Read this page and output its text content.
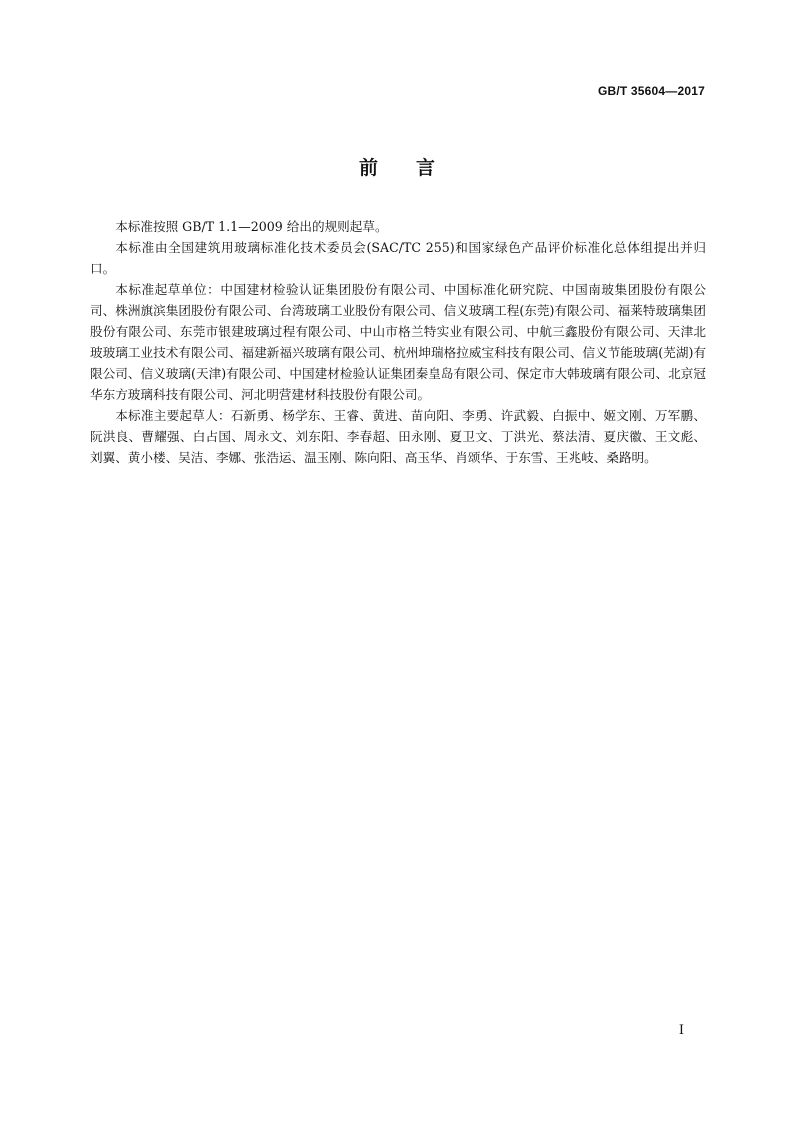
GB/T 35604—2017
前 言

本标准按照 GB/T 1.1—2009 给出的规则起草。

本标准由全国建筑用玻璃标准化技术委员会(SAC/TC 255)和国家绿色产品评价标准化总体组提出并归口。

本标准起草单位：中国建材检验认证集团股份有限公司、中国标准化研究院、中国南玻集团股份有限公司、株洲旗滨集团股份有限公司、台湾玻璃工业股份有限公司、信义玻璃工程(东莞)有限公司、福莱特玻璃集团股份有限公司、东莞市银建玻璃过程有限公司、中山市格兰特实业有限公司、中航三鑫股份有限公司、天津北玻玻璃工业技术有限公司、福建新福兴玻璃有限公司、杭州坤瑞格拉威宝科技有限公司、信义节能玻璃(芜湖)有限公司、信义玻璃(天津)有限公司、中国建材检验认证集团秦皇岛有限公司、保定市大韩玻璃有限公司、北京冠华东方玻璃科技有限公司、河北明营建材科技股份有限公司。

本标准主要起草人：石新勇、杨学东、王睿、黄进、苗向阳、李勇、许武毅、白振中、姬文刚、万军鹏、阮洪良、曹耀强、白占国、周永文、刘东阳、李春超、田永刚、夏卫文、丁洪光、蔡法清、夏庆徽、王文彪、刘翼、黄小楼、吴洁、李娜、张浩运、温玉刚、陈向阳、高玉华、肖颂华、于东雪、王兆岐、桑路明。

I
